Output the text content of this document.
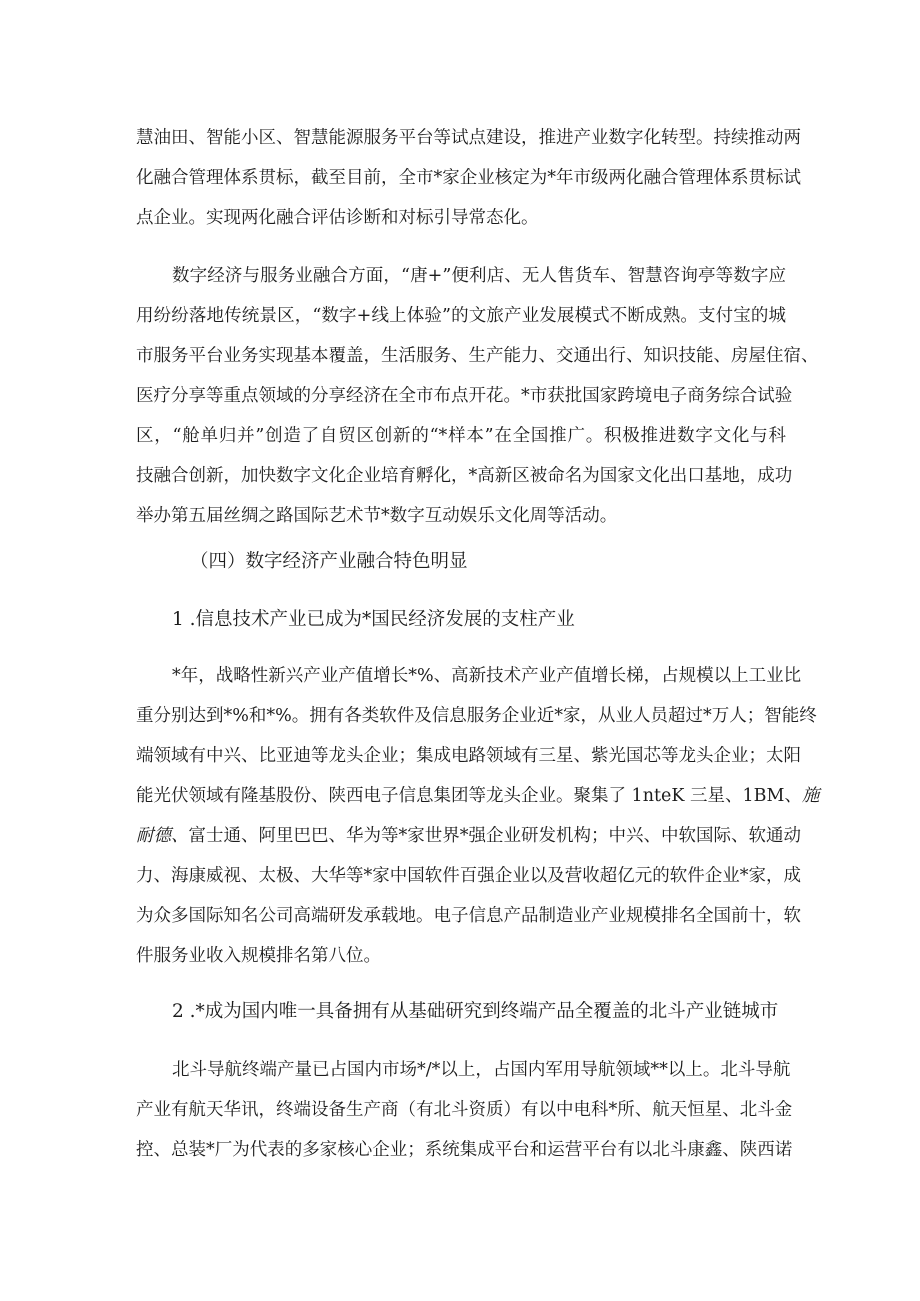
慧油田、智能小区、智慧能源服务平台等试点建设，推进产业数字化转型。持续推动两
化融合管理体系贯标，截至目前，全市*家企业核定为*年市级两化融合管理体系贯标试
点企业。实现两化融合评估诊断和对标引导常态化。
数字经济与服务业融合方面，“唐+”便利店、无人售货车、智慧咨询亭等数字应
用纷纷落地传统景区，“数字+线上体验”的文旅产业发展模式不断成熟。支付宝的城
市服务平台业务实现基本覆盖，生活服务、生产能力、交通出行、知识技能、房屋住宿、
医疗分享等重点领域的分享经济在全市布点开花。*市获批国家跨境电子商务综合试验
区，“舱单归并”创造了自贸区创新的“*样本”在全国推广。积极推进数字文化与科
技融合创新，加快数字文化企业培育孵化，*高新区被命名为国家文化出口基地，成功
举办第五届丝绸之路国际艺术节*数字互动娱乐文化周等活动。
（四）数字经济产业融合特色明显
1 .信息技术产业已成为*国民经济发展的支柱产业
*年，战略性新兴产业产值增长*%、高新技术产业产值增长梯，占规模以上工业比
重分别达到*%和*%。拥有各类软件及信息服务企业近*家，从业人员超过*万人；智能终
端领域有中兴、比亚迪等龙头企业；集成电路领域有三星、紫光国芯等龙头企业；太阳
能光伏领域有隆基股份、陕西电子信息集团等龙头企业。聚集了 1nteK 三星、1BM、施
耐德、富士通、阿里巴巴、华为等*家世界*强企业研发机构；中兴、中软国际、软通动
力、海康威视、太极、大华等*家中国软件百强企业以及营收超亿元的软件企业*家，成
为众多国际知名公司高端研发承载地。电子信息产品制造业产业规模排名全国前十，软
件服务业收入规模排名第八位。
2 .*成为国内唯一具备拥有从基础研究到终端产品全覆盖的北斗产业链城市
北斗导航终端产量已占国内市场*/*以上，占国内军用导航领域**以上。北斗导航
产业有航天华讯，终端设备生产商（有北斗资质）有以中电科*所、航天恒星、北斗金
控、总装*厂为代表的多家核心企业；系统集成平台和运营平台有以北斗康鑫、陕西诺
